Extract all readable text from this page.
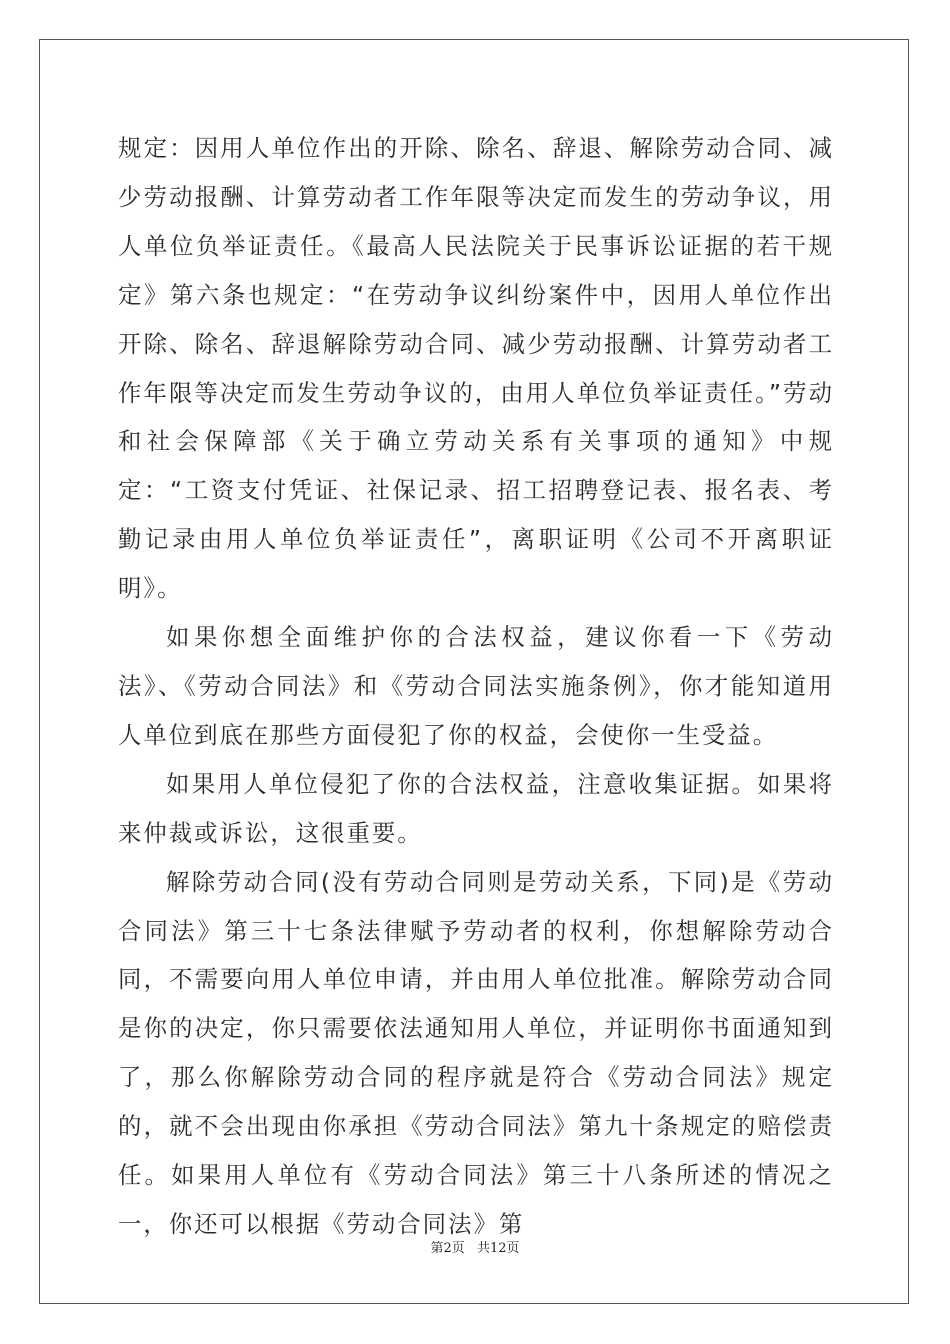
规定：因用人单位作出的开除、除名、辞退、解除劳动合同、减少劳动报酬、计算劳动者工作年限等决定而发生的劳动争议，用人单位负举证责任。《最高人民法院关于民事诉讼证据的若干规定》第六条也规定：“在劳动争议纠纷案件中，因用人单位作出开除、除名、辞退解除劳动合同、减少劳动报酬、计算劳动者工作年限等决定而发生劳动争议的，由用人单位负举证责任。”劳动和社会保障部《关于确立劳动关系有关事项的通知》中规定：“工资支付凭证、社保记录、招工招聘登记表、报名表、考勤记录由用人单位负举证责任”，离职证明《公司不开离职证明》。

如果你想全面维护你的合法权益，建议你看一下《劳动法》、《劳动合同法》和《劳动合同法实施条例》，你才能知道用人单位到底在那些方面侵犯了你的权益，会使你一生受益。

如果用人单位侵犯了你的合法权益，注意收集证据。如果将来仲裁或诉讼，这很重要。

解除劳动合同(没有劳动合同则是劳动关系，下同)是《劳动合同法》第三十七条法律赋予劳动者的权利，你想解除劳动合同，不需要向用人单位申请，并由用人单位批准。解除劳动合同是你的决定，你只需要依法通知用人单位，并证明你书面通知到了，那么你解除劳动合同的程序就是符合《劳动合同法》规定的，就不会出现由你承担《劳动合同法》第九十条规定的赔偿责任。如果用人单位有《劳动合同法》第三十八条所述的情况之一，你还可以根据《劳动合同法》第

第2页 共12页
